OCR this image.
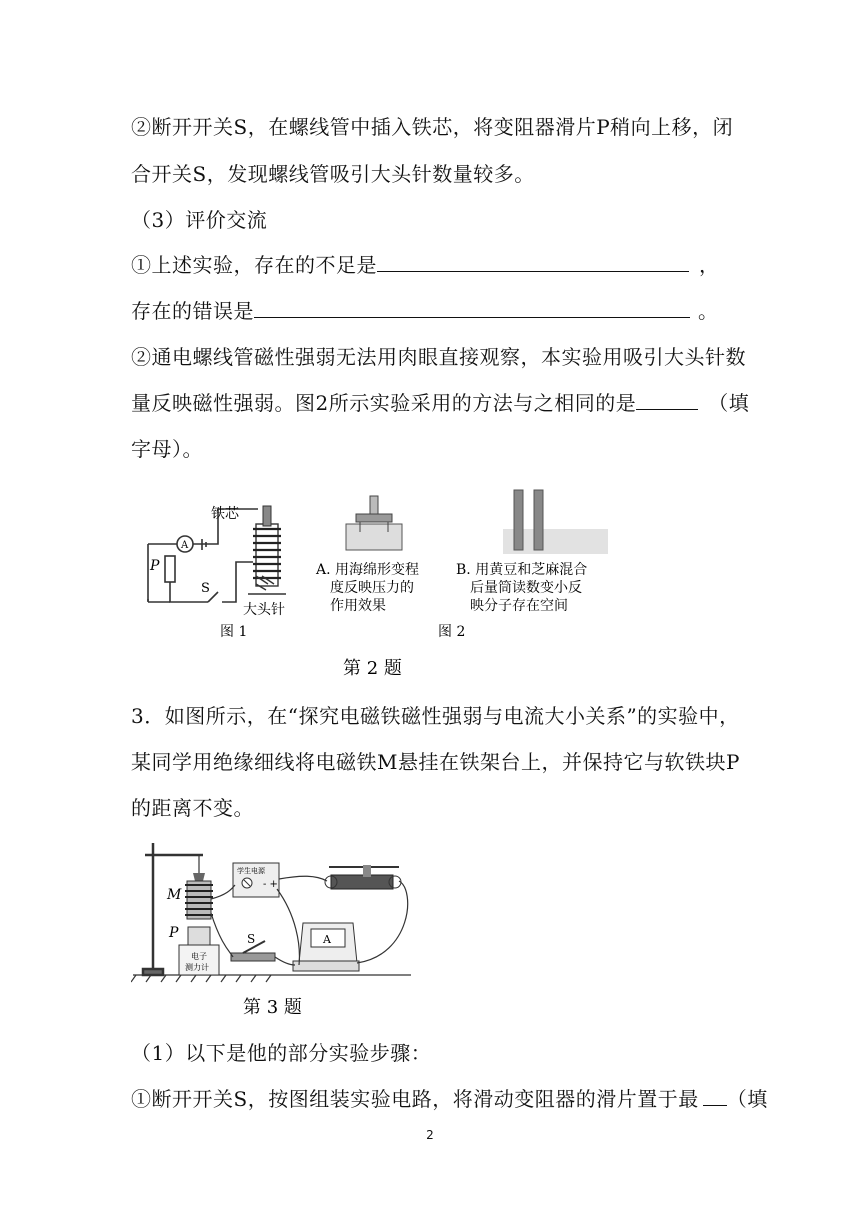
②断开开关S，在螺线管中插入铁芯，将变阻器滑片P稍向上移，闭
合开关S，发现螺线管吸引大头针数量较多。
（3）评价交流
①上述实验，存在的不足是	，
存在的错误是	。
②通电螺线管磁性强弱无法用肉眼直接观察，本实验用吸引大头针数
量反映磁性强弱。图2所示实验采用的方法与之相同的是	（填
字母）。
铁芯
大头针
P
S
A
图 1
A. 用海绵形变程
度反映压力的
作用效果
B. 用黄豆和芝麻混合
后量筒读数变小反
映分子存在空间
图 2
第 2 题
3．如图所示，在“探究电磁铁磁性强弱与电流大小关系”的实验中，
某同学用绝缘细线将电磁铁M悬挂在铁架台上，并保持它与软铁块P
的距离不变。
M
P
电子
测力计
- +
学生电源
A
S
第 3 题
（1）以下是他的部分实验步骤：
①断开开关S，按图组装实验电路，将滑动变阻器的滑片置于最 （填
2
